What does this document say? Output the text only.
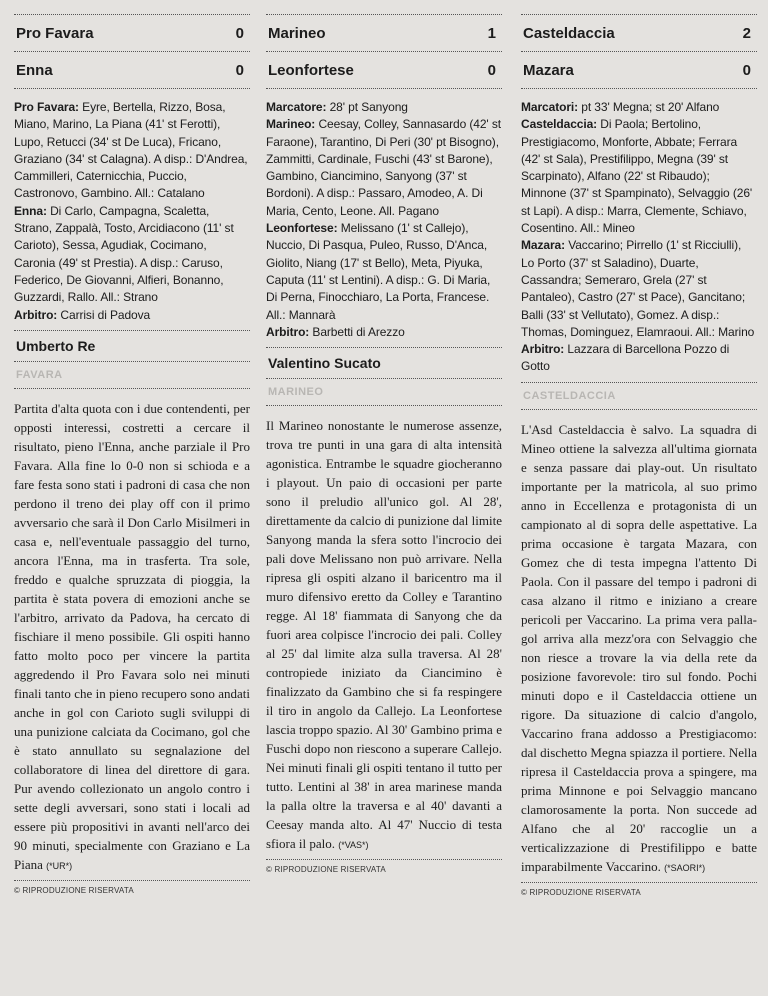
Pro Favara	0
Enna	0

Pro Favara: Eyre, Bertella, Rizzo, Bosa, Miano, Marino, La Piana (41' st Ferotti), Lupo, Retucci (34' st De Luca), Fricano, Graziano (34' st Calagna). A disp.: D'Andrea, Cammilleri, Caternicchia, Puccio, Castronovo, Gambino. All.: Catalano

Enna: Di Carlo, Campagna, Scaletta, Strano, Zappalà, Tosto, Arcidiacono (11' st Carioto), Sessa, Agudiak, Cocimano, Caronia (49' st Prestia). A disp.: Caruso, Federico, De Giovanni, Alfieri, Bonanno, Guzzardi, Rallo. All.: Strano

Arbitro: Carrisi di Padova

Umberto Re
FAVARA
Partita d'alta quota con i due contendenti, per opposti interessi, costretti a cercare il risultato, pieno l'Enna, anche parziale il Pro Favara. Alla fine lo 0-0 non si schioda e a fare festa sono stati i padroni di casa che non perdono il treno dei play off con il primo avversario che sarà il Don Carlo Misilmeri in casa e, nell'eventuale passaggio del turno, ancora l'Enna, ma in trasferta. Tra sole, freddo e qualche spruzzata di pioggia, la partita è stata povera di emozioni anche se l'arbitro, arrivato da Padova, ha cercato di fischiare il meno possibile. Gli ospiti hanno fatto molto poco per vincere la partita aggredendo il Pro Favara solo nei minuti finali tanto che in pieno recupero sono andati anche in gol con Carioto sugli sviluppi di una punizione calciata da Cocimano, gol che è stato annullato su segnalazione del collaboratore di linea del direttore di gara. Pur avendo collezionato un angolo contro i sette degli avversari, sono stati i locali ad essere più propositivi in avanti nell'arco dei 90 minuti, specialmente con Graziano e La Piana (*UR*)
© RIPRODUZIONE RISERVATA
Marineo	1
Leonfortese	0

Marcatore: 28' pt Sanyong

Marineo: Ceesay, Colley, Sannasardo (42' st Faraone), Tarantino, Di Peri (30' pt Bisogno), Zammitti, Cardinale, Fuschi (43' st Barone), Gambino, Ciancimino, Sanyong (37' st Bordoni). A disp.: Passaro, Amodeo, A. Di Maria, Cento, Leone. All. Pagano

Leonfortese: Melissano (1' st Callejo), Nuccio, Di Pasqua, Puleo, Russo, D'Anca, Giolito, Niang (17' st Bello), Meta, Piyuka, Caputa (11' st Lentini). A disp.: G. Di Maria, Di Perna, Finocchiaro, La Porta, Francese. All.: Mannarà

Arbitro: Barbetti di Arezzo

Valentino Sucato
MARINEO
Il Marineo nonostante le numerose assenze, trova tre punti in una gara di alta intensità agonistica. Entrambe le squadre giocheranno i playout. Un paio di occasioni per parte sono il preludio all'unico gol. Al 28', direttamente da calcio di punizione dal limite Sanyong manda la sfera sotto l'incrocio dei pali dove Melissano non può arrivare. Nella ripresa gli ospiti alzano il baricentro ma il muro difensivo eretto da Colley e Tarantino regge. Al 18' fiammata di Sanyong che da fuori area colpisce l'incrocio dei pali. Colley al 25' dal limite alza sulla traversa. Al 28' contropiede iniziato da Ciancimino è finalizzato da Gambino che si fa respingere il tiro in angolo da Callejo. La Leonfortese lascia troppo spazio. Al 30' Gambino prima e Fuschi dopo non riescono a superare Callejo. Nei minuti finali gli ospiti tentano il tutto per tutto. Lentini al 38' in area marinese manda la palla oltre la traversa e al 40' davanti a Ceesay manda alto. Al 47' Nuccio di testa sfiora il palo. (*VAS*)
© RIPRODUZIONE RISERVATA
Casteldaccia	2
Mazara	0

Marcatori: pt 33' Megna; st 20' Alfano

Casteldaccia: Di Paola; Bertolino, Prestigiacomo, Monforte, Abbate; Ferrara (42' st Sala), Prestifilippo, Megna (39' st Scarpinato), Alfano (22' st Ribaudo); Minnone (37' st Spampinato), Selvaggio (26' st Lapi). A disp.: Marra, Clemente, Schiavo, Cosentino. All.: Mineo

Mazara: Vaccarino; Pirrello (1' st Ricciulli), Lo Porto (37' st Saladino), Duarte, Cassandra; Semeraro, Grela (27' st Pantaleo), Castro (27' st Pace), Gancitano; Balli (33' st Vellutato), Gomez. A disp.: Thomas, Dominguez, Elamraoui. All.: Marino

Arbitro: Lazzara di Barcellona Pozzo di Gotto

CASTELDACCIA
L'Asd Casteldaccia è salvo. La squadra di Mineo ottiene la salvezza all'ultima giornata e senza passare dai play-out. Un risultato importante per la matricola, al suo primo anno in Eccellenza e protagonista di un campionato al di sopra delle aspettative. La prima occasione è targata Mazara, con Gomez che di testa impegna l'attento Di Paola. Con il passare del tempo i padroni di casa alzano il ritmo e iniziano a creare pericoli per Vaccarino. La prima vera palla-gol arriva alla mezz'ora con Selvaggio che non riesce a trovare la via della rete da posizione favorevole: tiro sul fondo. Pochi minuti dopo e il Casteldaccia ottiene un rigore. Da situazione di calcio d'angolo, Vaccarino frana addosso a Prestigiacomo: dal dischetto Megna spiazza il portiere. Nella ripresa il Casteldaccia prova a spingere, ma prima Minnone e poi Selvaggio mancano clamorosamente la porta. Non succede ad Alfano che al 20' raccoglie un a verticalizzazione di Prestifilippo e batte imparabilmente Vaccarino. (*SAORI*)
© RIPRODUZIONE RISERVATA
